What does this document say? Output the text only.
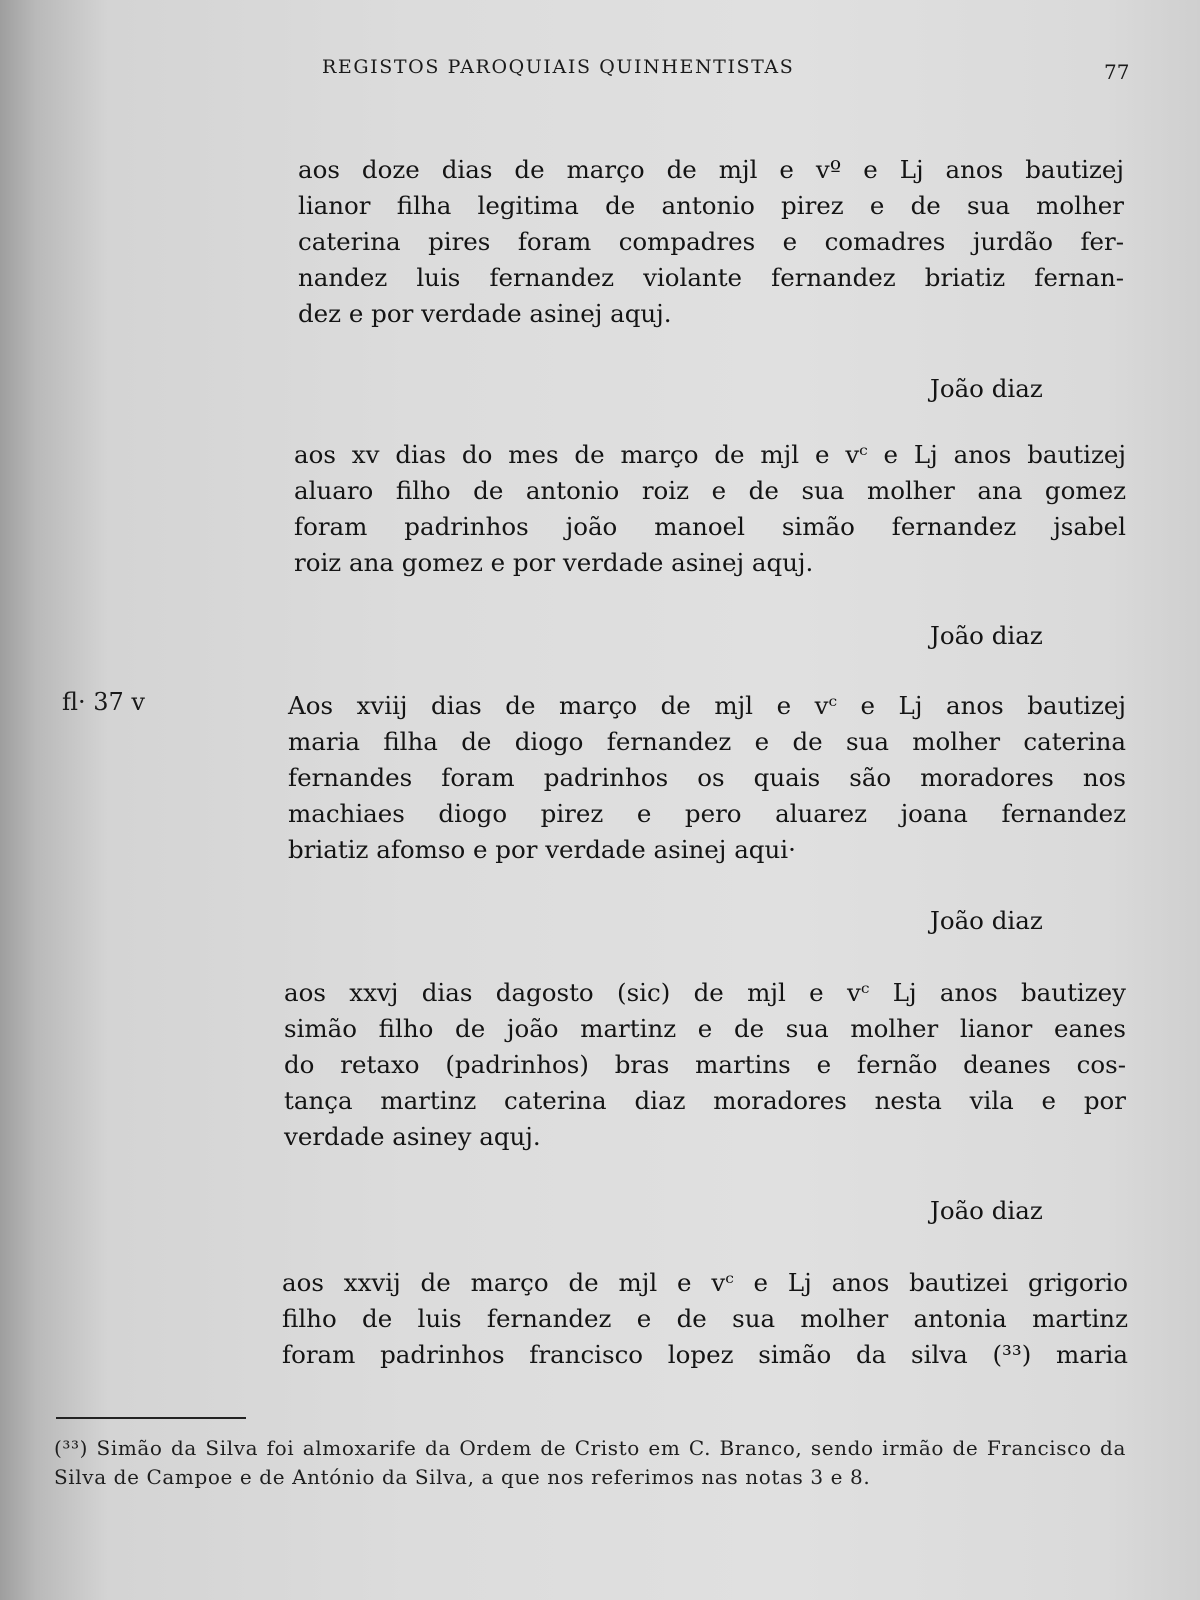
REGISTOS PAROQUIAIS QUINHENTISTAS	77

aos doze dias de março de mjl e vº e Lj anos bautizej

lianor filha legitima de antonio pirez e de sua molher

caterina pires foram compadres e comadres jurdão fer-

nandez luis fernandez violante fernandez briatiz fernan-

dez e por verdade asinej aquj.

João diaz

aos xv dias do mes de março de mjl e vᶜ e Lj anos bautizej

aluaro filho de antonio roiz e de sua molher ana gomez

foram padrinhos joão manoel simão fernandez jsabel

roiz ana gomez e por verdade asinej aquj.

João diaz
fl· 37 v	Aos xviij dias de março de mjl e vᶜ e Lj anos bautizej

maria filha de diogo fernandez e de sua molher caterina

fernandes foram padrinhos os quais são moradores nos

machiaes diogo pirez e pero aluarez joana fernandez

briatiz afomso e por verdade asinej aqui·

João diaz

aos xxvj dias dagosto (sic) de mjl e vᶜ Lj anos bautizey

simão filho de joão martinz e de sua molher lianor eanes

do retaxo (padrinhos) bras martins e fernão deanes cos-

tança martinz caterina diaz moradores nesta vila e por

verdade asiney aquj.

João diaz

aos xxvij de março de mjl e vᶜ e Lj anos bautizei grigorio

filho de luis fernandez e de sua molher antonia martinz

foram padrinhos francisco lopez simão da silva (³³) maria

(³³) Simão da Silva foi almoxarife da Ordem de Cristo em C. Branco, sendo irmão de Francisco da Silva de Campoe e de António da Silva, a que nos referimos nas notas 3 e 8.
